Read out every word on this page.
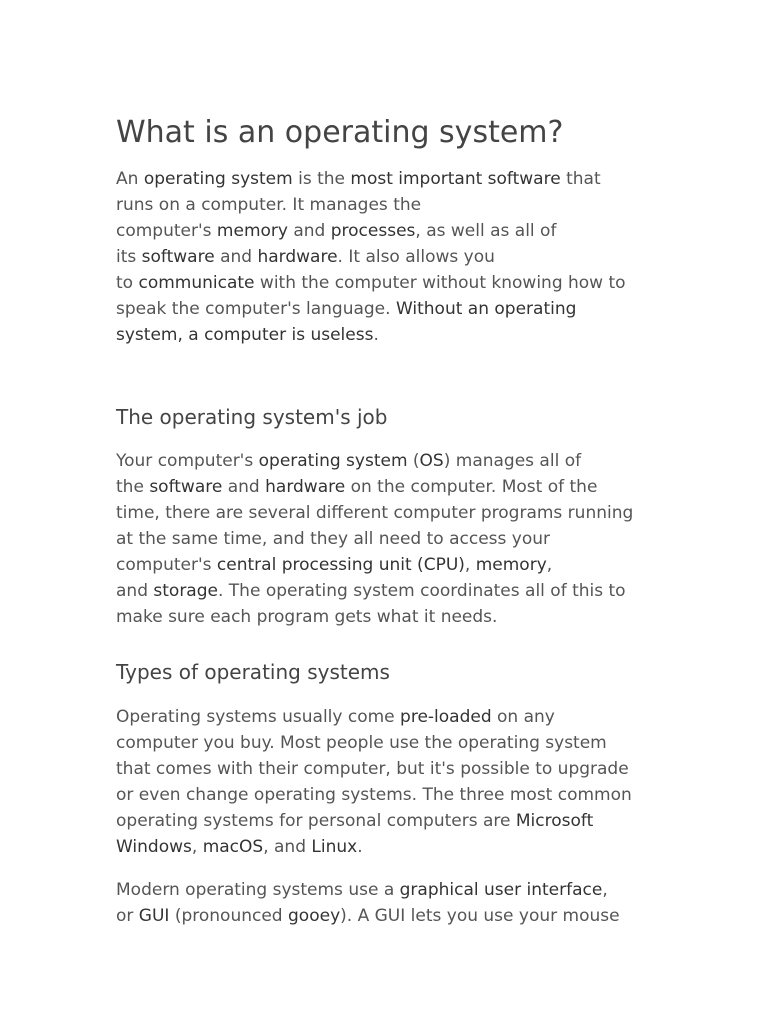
What is an operating system?
An operating system is the most important software that
runs on a computer. It manages the
computer's memory and processes, as well as all of
its software and hardware. It also allows you
to communicate with the computer without knowing how to
speak the computer's language. Without an operating
system, a computer is useless.
The operating system's job
Your computer's operating system (OS) manages all of
the software and hardware on the computer. Most of the
time, there are several different computer programs running
at the same time, and they all need to access your
computer's central processing unit (CPU), memory,
and storage. The operating system coordinates all of this to
make sure each program gets what it needs.
Types of operating systems
Operating systems usually come pre-loaded on any
computer you buy. Most people use the operating system
that comes with their computer, but it's possible to upgrade
or even change operating systems. The three most common
operating systems for personal computers are Microsoft
Windows, macOS, and Linux.
Modern operating systems use a graphical user interface,
or GUI (pronounced gooey). A GUI lets you use your mouse
